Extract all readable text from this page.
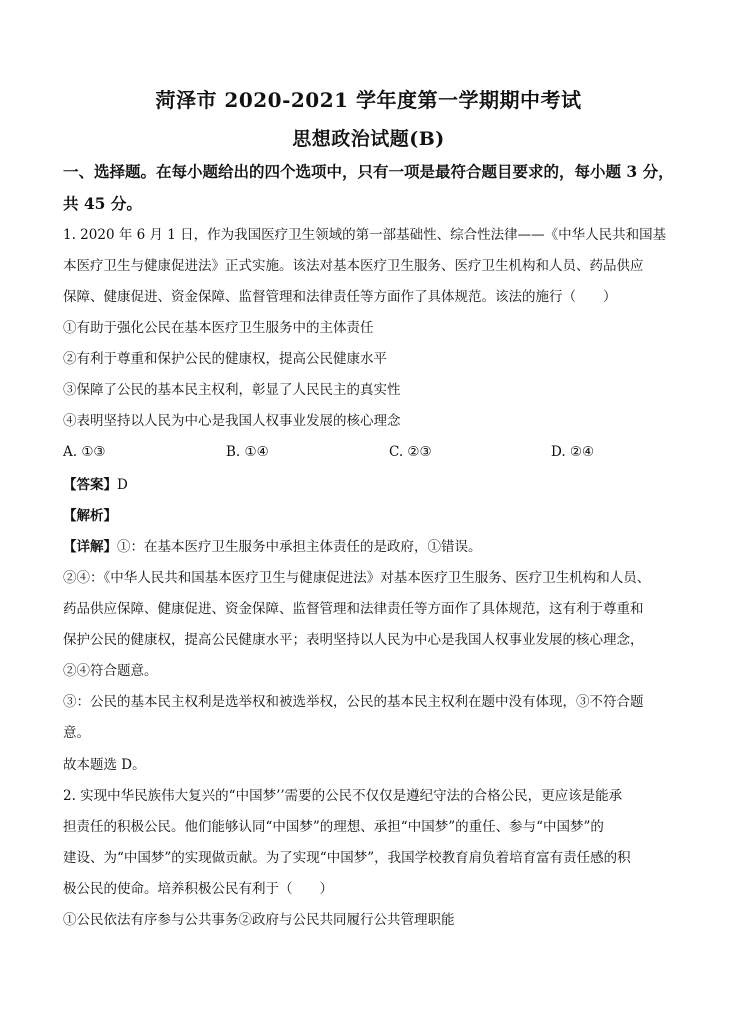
菏泽市 2020-2021 学年度第一学期期中考试
思想政治试题(B)
一、选择题。在每小题给出的四个选项中，只有一项是最符合题目要求的，每小题 3 分，
共 45 分。
1. 2020 年 6 月 1 日，作为我国医疗卫生领域的第一部基础性、综合性法律——《中华人民共和国基
本医疗卫生与健康促进法》正式实施。该法对基本医疗卫生服务、医疗卫生机构和人员、药品供应
保障、健康促进、资金保障、监督管理和法律责任等方面作了具体规范。该法的施行（　　）
①有助于强化公民在基本医疗卫生服务中的主体责任
②有利于尊重和保护公民的健康权，提高公民健康水平
③保障了公民的基本民主权利，彰显了人民民主的真实性
④表明坚持以人民为中心是我国人权事业发展的核心理念
A. ①③	B. ①④	C. ②③	D. ②④
【答案】D
【解析】
【详解】①：在基本医疗卫生服务中承担主体责任的是政府，①错误。
②④：《中华人民共和国基本医疗卫生与健康促进法》对基本医疗卫生服务、医疗卫生机构和人员、
药品供应保障、健康促进、资金保障、监督管理和法律责任等方面作了具体规范，这有利于尊重和
保护公民的健康权，提高公民健康水平；表明坚持以人民为中心是我国人权事业发展的核心理念，
②④符合题意。
③：公民的基本民主权利是选举权和被选举权，公民的基本民主权利在题中没有体现，③不符合题
意。
故本题选 D。
2. 实现中华民族伟大复兴的“中国梦’’需要的公民不仅仅是遵纪守法的合格公民，更应该是能承
担责任的积极公民。他们能够认同“中国梦”的理想、承担“中国梦”的重任、参与“中国梦”的
建设、为“中国梦”的实现做贡献。为了实现“中国梦”，我国学校教育肩负着培育富有责任感的积
极公民的使命。培养积极公民有利于（　　）
①公民依法有序参与公共事务②政府与公民共同履行公共管理职能
